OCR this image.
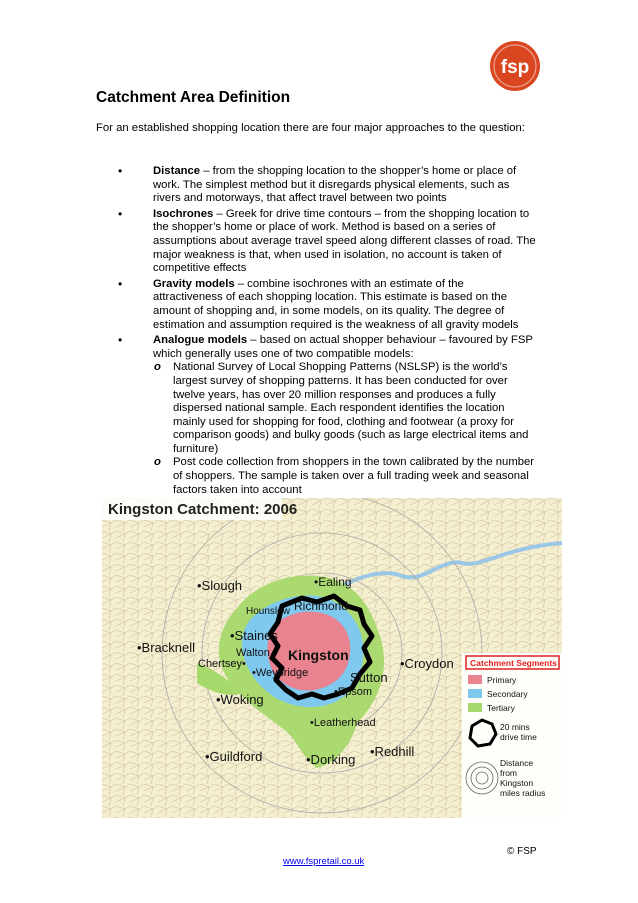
fsp
Catchment Area Definition
For an established shopping location there are four major approaches to the question:
•	Distance – from the shopping location to the shopper’s home or place of work. The simplest method but it disregards physical elements, such as rivers and motorways, that affect travel between two points
•	Isochrones – Greek for drive time contours – from the shopping location to the shopper’s home or place of work. Method is based on a series of assumptions about average travel speed along different classes of road. The major weakness is that, when used in isolation, no account is taken of competitive effects
•	Gravity models – combine isochrones with an estimate of the attractiveness of each shopping location. This estimate is based on the amount of shopping and, in some models, on its quality. The degree of estimation and assumption required is the weakness of all gravity models
•	Analogue models – based on actual shopper behaviour – favoured by FSP which generally uses one of two compatible models:
o National Survey of Local Shopping Patterns (NSLSP) is the world’s largest survey of shopping patterns. It has been conducted for over twelve years, has over 20 million responses and produces a fully dispersed national sample. Each respondent identifies the location mainly used for shopping for food, clothing and footwear (a proxy for comparison goods) and bulky goods (such as large electrical items and furniture)
o Post code collection from shoppers in the town calibrated by the number of shoppers. The sample is taken over a full trading week and seasonal factors taken into account
Kingston Catchment: 2006
•Slough	•Ealing
Hounslow Richmond
•Staines
Walton
•Bracknell
Chertsey•
Kingston
•Weybridge
•Croydon
Sutton
•Woking	•Epsom
•Leatherhead
•Guildford	•Dorking
•Redhill
Catchment Segments
Primary
Secondary
Tertiary
20 mins drive time
Distance from Kingston miles radius
© FSP
www.fspretail.co.uk
